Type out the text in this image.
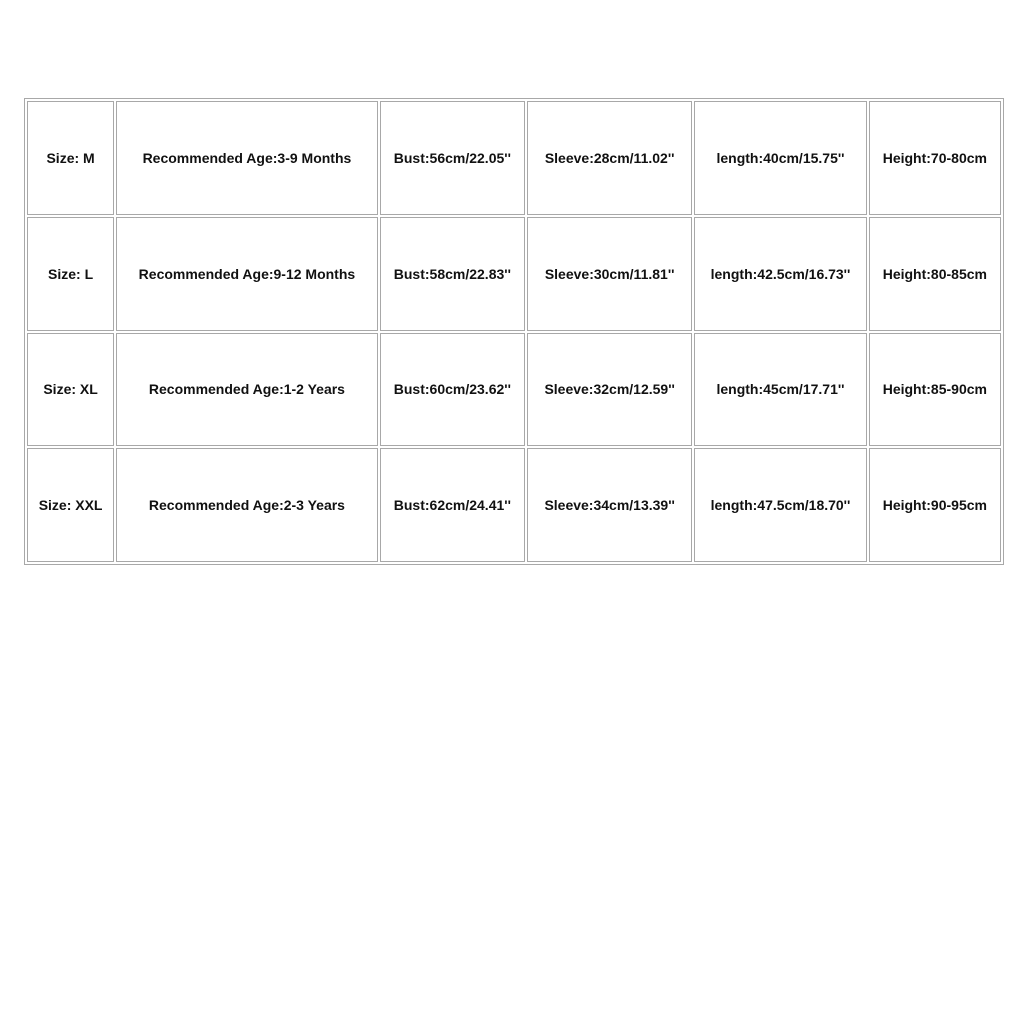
Size: M	Recommended Age:3-9 Months	Bust:56cm/22.05''	Sleeve:28cm/11.02''	length:40cm/15.75''	Height:70-80cm
Size: L	Recommended Age:9-12 Months	Bust:58cm/22.83''	Sleeve:30cm/11.81''	length:42.5cm/16.73''	Height:80-85cm
Size: XL	Recommended Age:1-2 Years	Bust:60cm/23.62''	Sleeve:32cm/12.59''	length:45cm/17.71''	Height:85-90cm
Size: XXL	Recommended Age:2-3 Years	Bust:62cm/24.41''	Sleeve:34cm/13.39''	length:47.5cm/18.70''	Height:90-95cm
